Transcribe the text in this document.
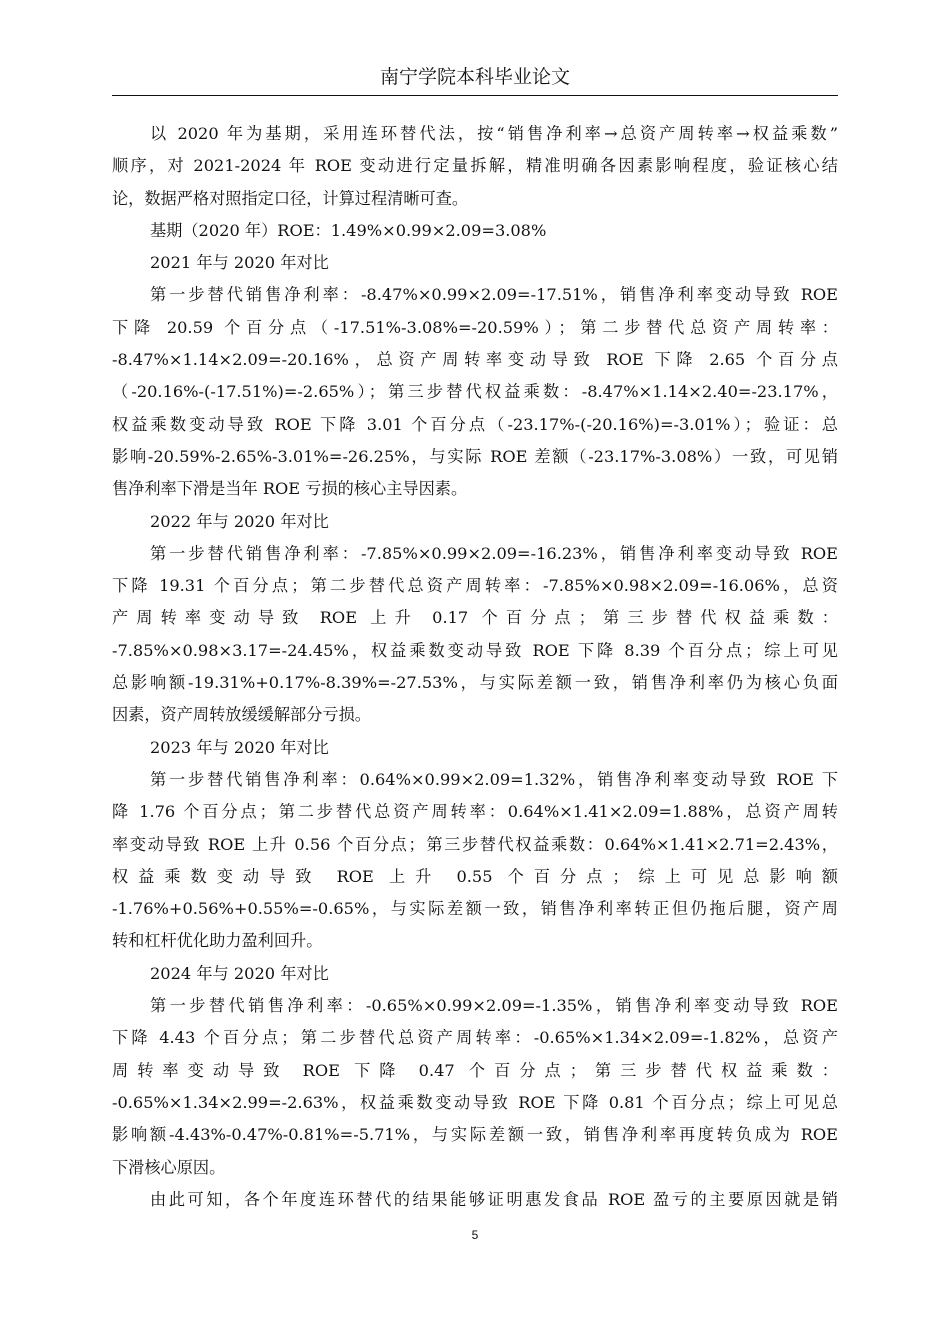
南宁学院本科毕业论文
以 2020 年为基期，采用连环替代法，按“销售净利率→总资产周转率→权益乘数”
顺序，对 2021-2024 年 ROE 变动进行定量拆解，精准明确各因素影响程度，验证核心结
论，数据严格对照指定口径，计算过程清晰可查。
基期（2020 年）ROE：1.49%×0.99×2.09=3.08%
2021 年与 2020 年对比
第一步替代销售净利率：-8.47%×0.99×2.09=-17.51%，销售净利率变动导致 ROE
下降 20.59 个百分点（-17.51%-3.08%=-20.59%）；第二步替代总资产周转率：
-8.47%×1.14×2.09=-20.16%，总资产周转率变动导致 ROE 下降 2.65 个百分点
（-20.16%-(-17.51%)=-2.65%）；第三步替代权益乘数：-8.47%×1.14×2.40=-23.17%，
权益乘数变动导致 ROE 下降 3.01 个百分点（-23.17%-(-20.16%)=-3.01%）；验证：总
影响-20.59%-2.65%-3.01%=-26.25%，与实际 ROE 差额（-23.17%-3.08%）一致，可见销
售净利率下滑是当年 ROE 亏损的核心主导因素。
2022 年与 2020 年对比
第一步替代销售净利率：-7.85%×0.99×2.09=-16.23%，销售净利率变动导致 ROE
下降 19.31 个百分点；第二步替代总资产周转率：-7.85%×0.98×2.09=-16.06%，总资
产周转率变动导致 ROE 上升 0.17 个百分点；第三步替代权益乘数：
-7.85%×0.98×3.17=-24.45%，权益乘数变动导致 ROE 下降 8.39 个百分点；综上可见
总影响额-19.31%+0.17%-8.39%=-27.53%，与实际差额一致，销售净利率仍为核心负面
因素，资产周转放缓缓解部分亏损。
2023 年与 2020 年对比
第一步替代销售净利率：0.64%×0.99×2.09=1.32%，销售净利率变动导致 ROE 下
降 1.76 个百分点；第二步替代总资产周转率：0.64%×1.41×2.09=1.88%，总资产周转
率变动导致 ROE 上升 0.56 个百分点；第三步替代权益乘数：0.64%×1.41×2.71=2.43%，
权益乘数变动导致 ROE 上升 0.55 个百分点；综上可见总影响额
-1.76%+0.56%+0.55%=-0.65%，与实际差额一致，销售净利率转正但仍拖后腿，资产周
转和杠杆优化助力盈利回升。
2024 年与 2020 年对比
第一步替代销售净利率：-0.65%×0.99×2.09=-1.35%，销售净利率变动导致 ROE
下降 4.43 个百分点；第二步替代总资产周转率：-0.65%×1.34×2.09=-1.82%，总资产
周转率变动导致 ROE 下降 0.47 个百分点；第三步替代权益乘数：
-0.65%×1.34×2.99=-2.63%，权益乘数变动导致 ROE 下降 0.81 个百分点；综上可见总
影响额-4.43%-0.47%-0.81%=-5.71%，与实际差额一致，销售净利率再度转负成为 ROE
下滑核心原因。
由此可知，各个年度连环替代的结果能够证明惠发食品 ROE 盈亏的主要原因就是销
5
